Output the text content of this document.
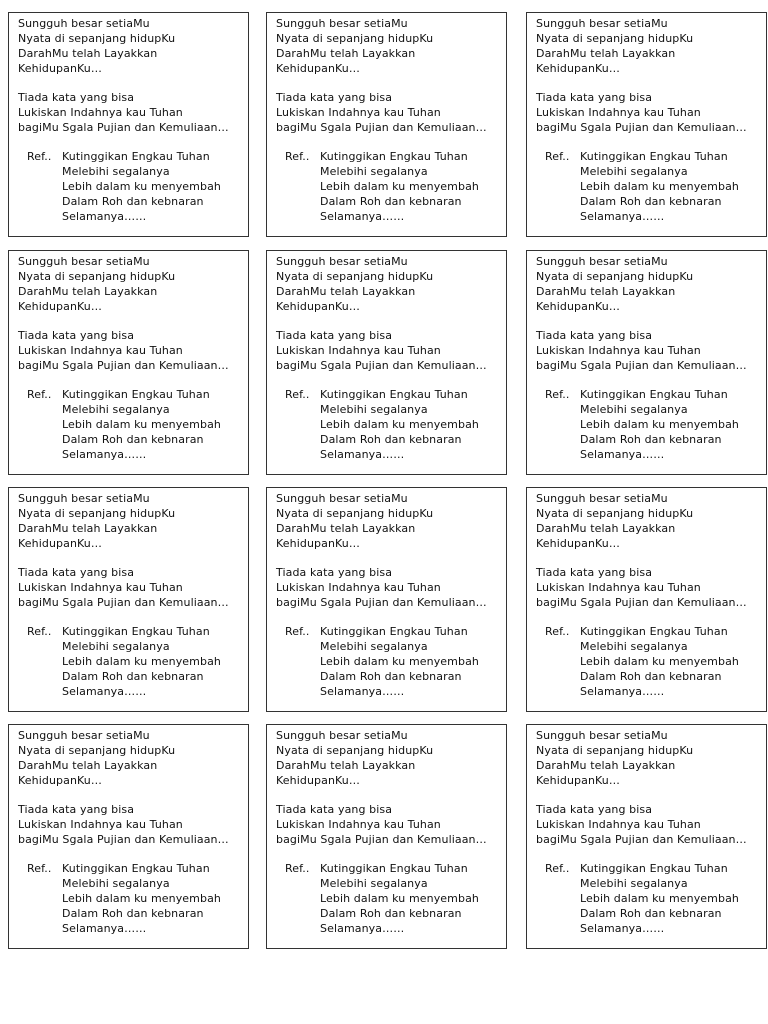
Sungguh besar setiaMu
Nyata di sepanjang hidupKu
DarahMu telah Layakkan
KehidupanKu…
Tiada kata yang bisa
Lukiskan Indahnya kau Tuhan
bagiMu Sgala Pujian dan Kemuliaan…
Ref.. Kutinggikan Engkau Tuhan
Melebihi segalanya
Lebih dalam ku menyembah
Dalam Roh dan kebnaran
Selamanya……
Sungguh besar setiaMu
Nyata di sepanjang hidupKu
DarahMu telah Layakkan
KehidupanKu…
Tiada kata yang bisa
Lukiskan Indahnya kau Tuhan
bagiMu Sgala Pujian dan Kemuliaan…
Ref.. Kutinggikan Engkau Tuhan
Melebihi segalanya
Lebih dalam ku menyembah
Dalam Roh dan kebnaran
Selamanya……
Sungguh besar setiaMu
Nyata di sepanjang hidupKu
DarahMu telah Layakkan
KehidupanKu…
Tiada kata yang bisa
Lukiskan Indahnya kau Tuhan
bagiMu Sgala Pujian dan Kemuliaan…
Ref.. Kutinggikan Engkau Tuhan
Melebihi segalanya
Lebih dalam ku menyembah
Dalam Roh dan kebnaran
Selamanya……
Sungguh besar setiaMu
Nyata di sepanjang hidupKu
DarahMu telah Layakkan
KehidupanKu…
Tiada kata yang bisa
Lukiskan Indahnya kau Tuhan
bagiMu Sgala Pujian dan Kemuliaan…
Ref.. Kutinggikan Engkau Tuhan
Melebihi segalanya
Lebih dalam ku menyembah
Dalam Roh dan kebnaran
Selamanya……
Sungguh besar setiaMu
Nyata di sepanjang hidupKu
DarahMu telah Layakkan
KehidupanKu…
Tiada kata yang bisa
Lukiskan Indahnya kau Tuhan
bagiMu Sgala Pujian dan Kemuliaan…
Ref.. Kutinggikan Engkau Tuhan
Melebihi segalanya
Lebih dalam ku menyembah
Dalam Roh dan kebnaran
Selamanya……
Sungguh besar setiaMu
Nyata di sepanjang hidupKu
DarahMu telah Layakkan
KehidupanKu…
Tiada kata yang bisa
Lukiskan Indahnya kau Tuhan
bagiMu Sgala Pujian dan Kemuliaan…
Ref.. Kutinggikan Engkau Tuhan
Melebihi segalanya
Lebih dalam ku menyembah
Dalam Roh dan kebnaran
Selamanya……
Sungguh besar setiaMu
Nyata di sepanjang hidupKu
DarahMu telah Layakkan
KehidupanKu…
Tiada kata yang bisa
Lukiskan Indahnya kau Tuhan
bagiMu Sgala Pujian dan Kemuliaan…
Ref.. Kutinggikan Engkau Tuhan
Melebihi segalanya
Lebih dalam ku menyembah
Dalam Roh dan kebnaran
Selamanya……
Sungguh besar setiaMu
Nyata di sepanjang hidupKu
DarahMu telah Layakkan
KehidupanKu…
Tiada kata yang bisa
Lukiskan Indahnya kau Tuhan
bagiMu Sgala Pujian dan Kemuliaan…
Ref.. Kutinggikan Engkau Tuhan
Melebihi segalanya
Lebih dalam ku menyembah
Dalam Roh dan kebnaran
Selamanya……
Sungguh besar setiaMu
Nyata di sepanjang hidupKu
DarahMu telah Layakkan
KehidupanKu…
Tiada kata yang bisa
Lukiskan Indahnya kau Tuhan
bagiMu Sgala Pujian dan Kemuliaan…
Ref.. Kutinggikan Engkau Tuhan
Melebihi segalanya
Lebih dalam ku menyembah
Dalam Roh dan kebnaran
Selamanya……
Sungguh besar setiaMu
Nyata di sepanjang hidupKu
DarahMu telah Layakkan
KehidupanKu…
Tiada kata yang bisa
Lukiskan Indahnya kau Tuhan
bagiMu Sgala Pujian dan Kemuliaan…
Ref.. Kutinggikan Engkau Tuhan
Melebihi segalanya
Lebih dalam ku menyembah
Dalam Roh dan kebnaran
Selamanya……
Sungguh besar setiaMu
Nyata di sepanjang hidupKu
DarahMu telah Layakkan
KehidupanKu…
Tiada kata yang bisa
Lukiskan Indahnya kau Tuhan
bagiMu Sgala Pujian dan Kemuliaan…
Ref.. Kutinggikan Engkau Tuhan
Melebihi segalanya
Lebih dalam ku menyembah
Dalam Roh dan kebnaran
Selamanya……
Sungguh besar setiaMu
Nyata di sepanjang hidupKu
DarahMu telah Layakkan
KehidupanKu…
Tiada kata yang bisa
Lukiskan Indahnya kau Tuhan
bagiMu Sgala Pujian dan Kemuliaan…
Ref.. Kutinggikan Engkau Tuhan
Melebihi segalanya
Lebih dalam ku menyembah
Dalam Roh dan kebnaran
Selamanya……
